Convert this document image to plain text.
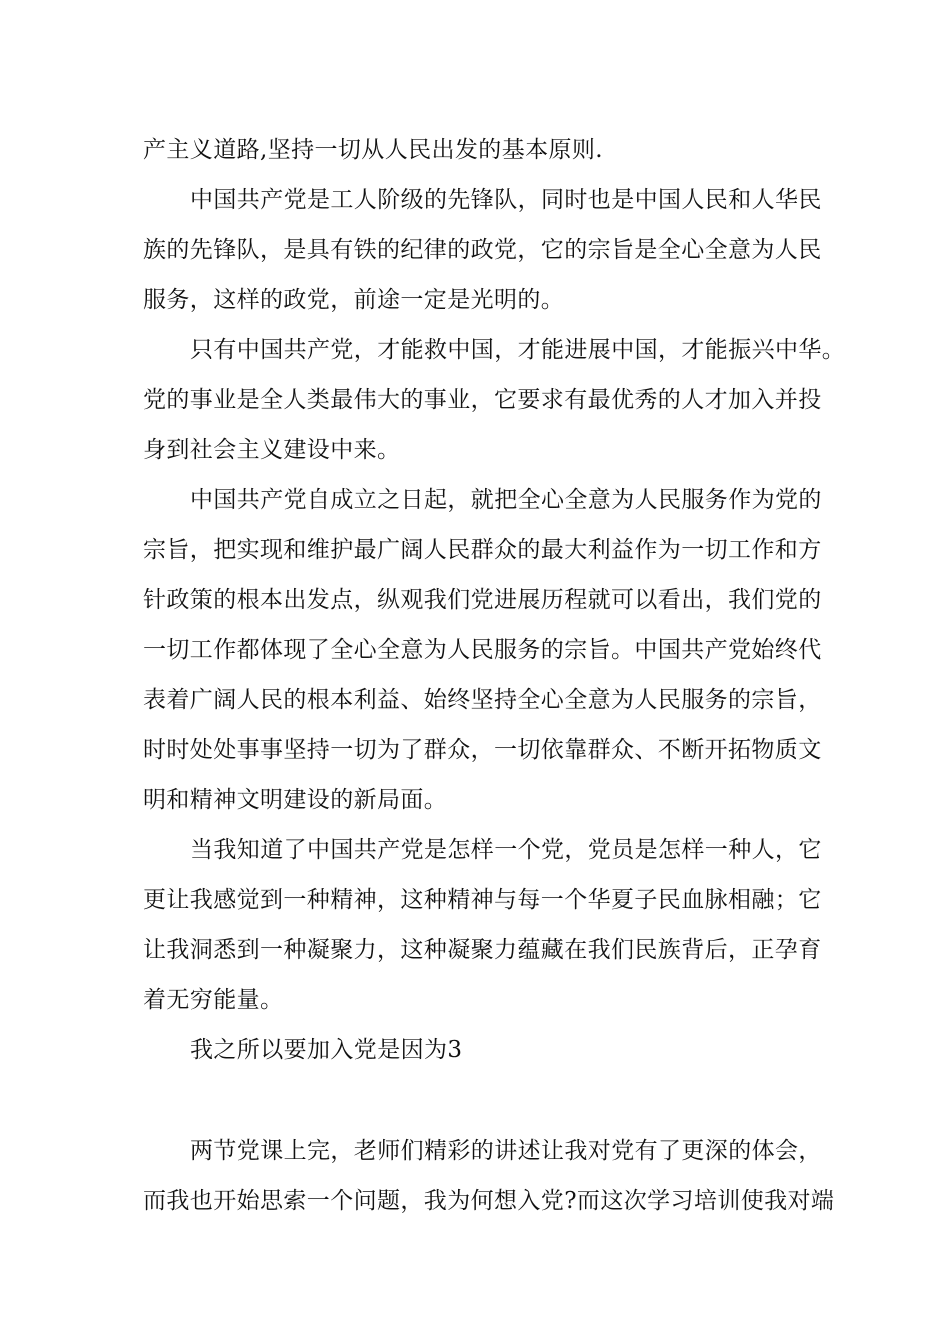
产主义道路,坚持一切从人民出发的基本原则.
中国共产党是工人阶级的先锋队，同时也是中国人民和人华民
族的先锋队，是具有铁的纪律的政党，它的宗旨是全心全意为人民
服务，这样的政党，前途一定是光明的。
只有中国共产党，才能救中国，才能进展中国，才能振兴中华。
党的事业是全人类最伟大的事业，它要求有最优秀的人才加入并投
身到社会主义建设中来。
中国共产党自成立之日起，就把全心全意为人民服务作为党的
宗旨，把实现和维护最广阔人民群众的最大利益作为一切工作和方
针政策的根本出发点，纵观我们党进展历程就可以看出，我们党的
一切工作都体现了全心全意为人民服务的宗旨。中国共产党始终代
表着广阔人民的根本利益、始终坚持全心全意为人民服务的宗旨，
时时处处事事坚持一切为了群众，一切依靠群众、不断开拓物质文
明和精神文明建设的新局面。
当我知道了中国共产党是怎样一个党，党员是怎样一种人，它
更让我感觉到一种精神，这种精神与每一个华夏子民血脉相融；它
让我洞悉到一种凝聚力，这种凝聚力蕴藏在我们民族背后，正孕育
着无穷能量。
我之所以要加入党是因为3
两节党课上完，老师们精彩的讲述让我对党有了更深的体会，
而我也开始思索一个问题，我为何想入党?而这次学习培训使我对端
